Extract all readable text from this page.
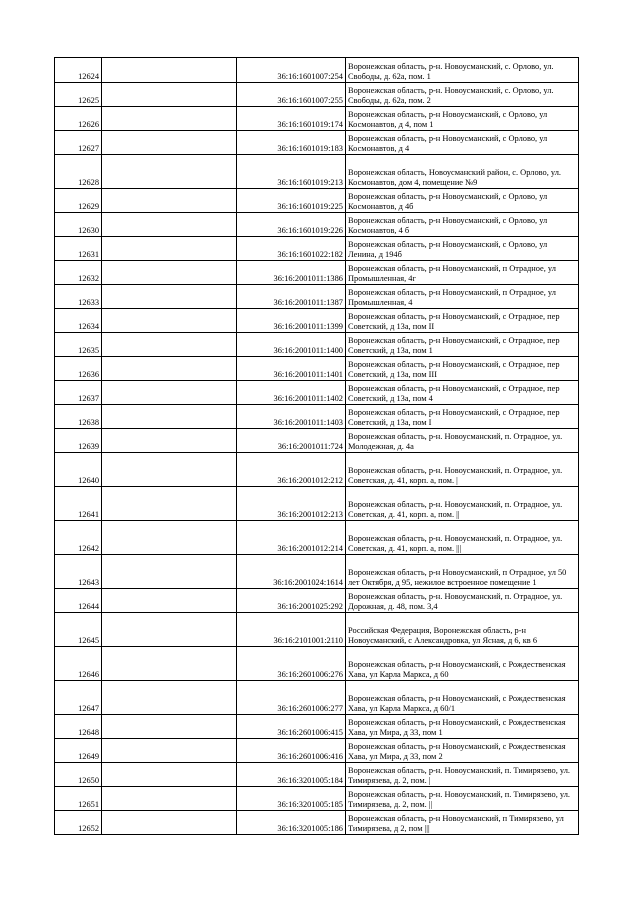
12624		36:16:1601007:254	Воронежская область, р-н. Новоусманский, с. Орлово, ул. Свободы, д. 62а, пом. 1
12625		36:16:1601007:255	Воронежская область, р-н. Новоусманский, с. Орлово, ул. Свободы, д. 62а, пом. 2
12626		36:16:1601019:174	Воронежская область, р-н Новоусманский, с Орлово, ул Космонавтов, д 4, пом 1
12627		36:16:1601019:183	Воронежская область, р-н Новоусманский, с Орлово, ул Космонавтов, д 4
12628		36:16:1601019:213	Воронежская область, Новоусманский район, с. Орлово, ул. Космонавтов, дом 4, помещение №9
12629		36:16:1601019:225	Воронежская область, р-н Новоусманский, с Орлово, ул Космонавтов, д 4б
12630		36:16:1601019:226	Воронежская область, р-н Новоусманский, с Орлово, ул Космонавтов, 4 б
12631		36:16:1601022:182	Воронежская область, р-н Новоусманский, с Орлово, ул Ленина, д 194б
12632		36:16:2001011:1386	Воронежская область, р-н Новоусманский, п Отрадное, ул Промышленная, 4г
12633		36:16:2001011:1387	Воронежская область, р-н Новоусманский, п Отрадное, ул Промышленная, 4
12634		36:16:2001011:1399	Воронежская область, р-н Новоусманский, с Отрадное, пер Советский, д 13а, пом II
12635		36:16:2001011:1400	Воронежская область, р-н Новоусманский, с Отрадное, пер Советский, д 13а, пом 1
12636		36:16:2001011:1401	Воронежская область, р-н Новоусманский, с Отрадное, пер Советский, д 13а, пом III
12637		36:16:2001011:1402	Воронежская область, р-н Новоусманский, с Отрадное, пер Советский, д 13а, пом 4
12638		36:16:2001011:1403	Воронежская область, р-н Новоусманский, с Отрадное, пер Советский, д 13а, пом I
12639		36:16:2001011:724	Воронежская область, р-н. Новоусманский, п. Отрадное, ул. Молодежная, д. 4а
12640		36:16:2001012:212	Воронежская область, р-н. Новоусманский, п. Отрадное, ул. Советская, д. 41, корп. а, пом. |
12641		36:16:2001012:213	Воронежская область, р-н. Новоусманский, п. Отрадное, ул. Советская, д. 41, корп. а, пом. ||
12642		36:16:2001012:214	Воронежская область, р-н. Новоусманский, п. Отрадное, ул. Советская, д. 41, корп. а, пом. |||
12643		36:16:2001024:1614	Воронежская область, р-н Новоусманский, п Отрадное, ул 50 лет Октября, д 95, нежилое встроенное помещение 1
12644		36:16:2001025:292	Воронежская область, р-н. Новоусманский, п. Отрадное, ул. Дорожная, д. 48, пом. 3,4
12645		36:16:2101001:2110	Российская Федерация, Воронежская область, р-н Новоусманский, с Александровка, ул Ясная, д 6, кв 6
12646		36:16:2601006:276	Воронежская область, р-н Новоусманский, с Рождественская Хава, ул Карла Маркса, д 60
12647		36:16:2601006:277	Воронежская область, р-н Новоусманский, с Рождественская Хава, ул Карла Маркса, д 60/1
12648		36:16:2601006:415	Воронежская область, р-н Новоусманский, с Рождественская Хава, ул Мира, д 33, пом 1
12649		36:16:2601006:416	Воронежская область, р-н Новоусманский, с Рождественская Хава, ул Мира, д 33, пом 2
12650		36:16:3201005:184	Воронежская область, р-н. Новоусманский, п. Тимирязево, ул. Тимирязева, д. 2, пом. |
12651		36:16:3201005:185	Воронежская область, р-н. Новоусманский, п. Тимирязево, ул. Тимирязева, д. 2, пом. ||
12652		36:16:3201005:186	Воронежская область, р-н Новоусманский, п Тимирязево, ул Тимирязева, д 2, пом |||
